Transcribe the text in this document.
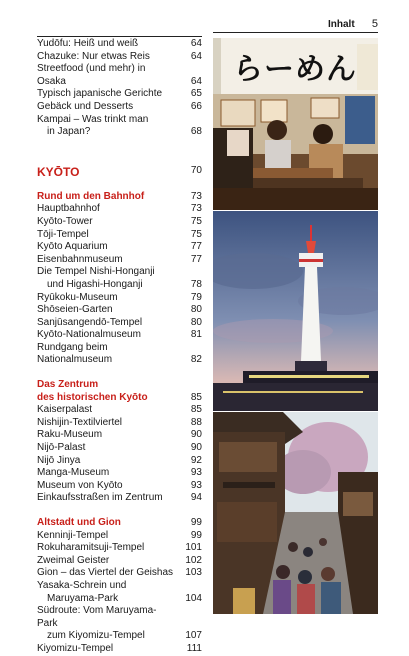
Inhalt 5
Yudōfu: Heiß und weiß	64
Chazuke: Nur etwas Reis	64
Streetfood (und mehr) in Osaka	64
Typisch japanische Gerichte	65
Gebäck und Desserts	66
Kampai – Was trinkt man
in Japan?	68
KYŌTO	70
Rund um den Bahnhof	73
Hauptbahnhof	73
Kyōto-Tower	75
Tōji-Tempel	75
Kyōto Aquarium	77
Eisenbahnmuseum	77
Die Tempel Nishi-Honganji
und Higashi-Honganji	78
Ryūkoku-Museum	79
Shōseien-Garten	80
Sanjūsangendō-Tempel	80
Kyōto-Nationalmuseum	81
Rundgang beim Nationalmuseum	82
Das Zentrum
des historischen Kyōto	85
Kaiserpalast	85
Nishijin-Textilviertel	88
Raku-Museum	90
Nijō-Palast	90
Nijō Jinya	92
Manga-Museum	93
Museum von Kyōto	93
Einkaufsstraßen im Zentrum	94
Altstadt und Gion	99
Kenninji-Tempel	99
Rokuharamitsuji-Tempel	101
Zweimal Geister	102
Gion – das Viertel der Geishas 103
Yasaka-Schrein und
Maruyama-Park	104
Südroute: Vom Maruyama-Park
zum Kiyomizu-Tempel	107
Kiyomizu-Tempel	111
らーめん
